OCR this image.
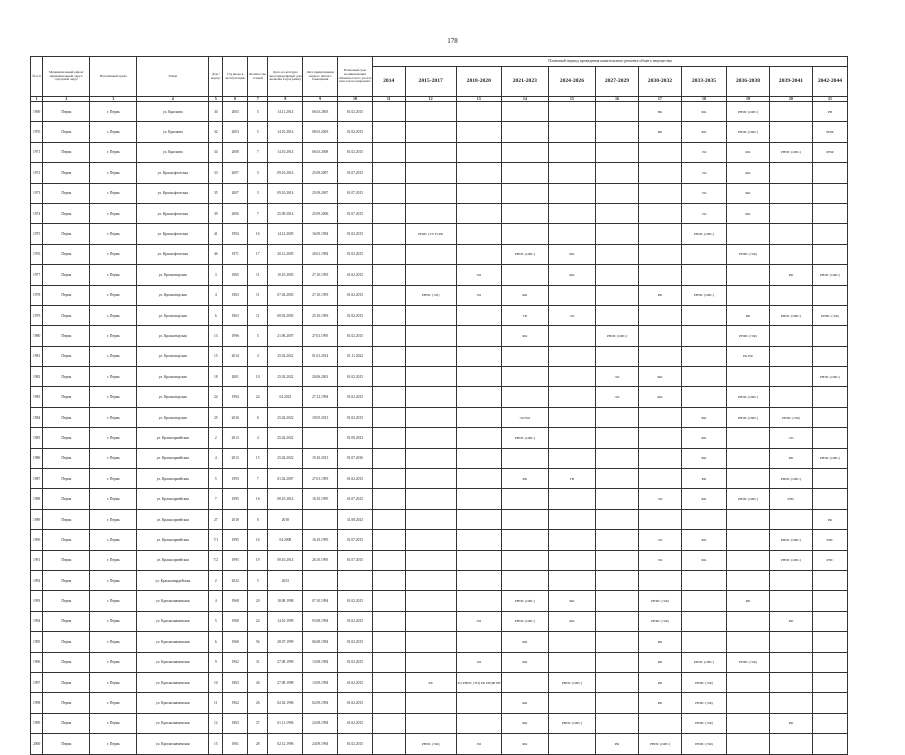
178
№ п/п	Муниципальный район/муниципальный округ/городской округ	Населённый пункт	Улица	Дом / корпус	Год ввода в эксплуатацию	Количество этажей	Дата, на которую многоквартирный дом включён в программу	Дата приватизации первого жилого помещения	Плановый срок возникновения обязанности по уплате взносов на капремонт	Плановый период проведения капитального ремонта общего имущества										
										2014	2015-2017	2018-2020	2021-2023	2024-2026	2027-2029	2030-2032	2033-2035	2036-2038	2039-2041	2042-2044
1	2	3	4	5	6	7	8	9	10	11	12	13	14	15	16	17	18	19	20	21
1969	Пермь	г. Пермь	ул. Краснова	30	2003	5	14.11.2014	06.03.2003	01.02.2015							ВК	ФК	РНИС (ОИС)		РВ
1970	Пермь	г. Пермь	ул. Краснова	32	2003	5	14.10.2014	08.03.2003	01.02.2015							ВК	ФК	РНИС (ОИС)		РНФ
1971	Пермь	г. Пермь	ул. Краснова	34	2008	7	14.10.2014	06.03.2008	01.02.2015								ЭО	ФК	РНИС (ОИС)	РНФ
1972	Пермь	г. Пермь	ул. Краснофлотская	33	2007	3	09.10.2014	25.09.2007	01.07.2015								ЭО	ФК		
1973	Пермь	г. Пермь	ул. Краснофлотская	35	2007	3	09.10.2014	25.09.2007	01.07.2015								ЭО	ФК		
1974	Пермь	г. Пермь	ул. Краснофлотская	39	2006	7	25.09.2014	25.09.2006	01.07.2015								ЭО	ФК		
1975	Пермь	г. Пермь	ул. Краснофлотская	41	1994	16	14.12.2005	16.09.1994	01.02.2015		РНИС (ТУЭ) РФ						РНИС (ОИС)			
1976	Пермь	г. Пермь	ул. Краснофлотская	46	1971	17	20.12.2005	20.01.1994	01.02.2015				РНИС (ОИС)	ФК				РНИС (ЭФ)		
1977	Пермь	г. Пермь	ул. Красноводская	3	1965	11	10.10.2003	27.10.1993	01.02.2015			ЭО		ФК					РФ	РНИС (ОИС)
1978	Пермь	г. Пермь	ул. Красноводская	4	1963	11	07.02.2003	27.10.1993	01.02.2015		РНИС (ЭО)	ЭО	ФК			РФ	РНИС (ОИС)			
1979	Пермь	г. Пермь	ул. Красноводская	6	1963	11	08.03.2003	25.10.1993	01.02.2015				ГВ	ЭО				РФ	РНИС (ОИС)	РНИС (ЭФ)
1980	Пермь	г. Пермь	ул. Красноводская	13	1996	5	21.06.2007	27.01.1995	01.02.2015				ФК		РНИС (ОИС)			РНИС (ЭФ)		
1981	Пермь	г. Пермь	ул. Красноводская	15	2014	4	25.02.2022	01.01.2014	01.11.2022									РК РФ		
1982	Пермь	г. Пермь	ул. Красноводская	18	2001	10	25.02.2022	20.06.2001	01.02.2015						ЭО	ФК				РНИС (ОИС)
1983	Пермь	г. Пермь	ул. Красноводская	24	1994	24	04.2023	27.12.1994	01.02.2015						ЭО	ФК		РНИС (ОИС)		
1984	Пермь	г. Пермь	ул. Красноводская	25	2016	6	25.02.2022	19.05.2013	01.02.2015				ЭО ВО				ФК	РНИС (ОИС)	РНИС (ЭФ)	
1985	Пермь	г. Пермь	ул. Красноармейская	2	2013	4	25.02.2022		01.09.2023				РНИС (ОИС)				ФК		ЭО	
1986	Пермь	г. Пермь	ул. Красноармейская	4	2013	15	25.02.2022	19.10.2013	01.07.2016								ФК		РФ	РНИС (ОИС)
1987	Пермь	г. Пермь	ул. Красноармейская	5	1993	7	01.02.2007	27.01.1993	01.02.2015				РФ	ГВ			РФ		РНИС (ОИС)	
1988	Пермь	г. Пермь	ул. Красноармейская	7	1995	16	08.10.2014	16.10.1995	01.07.2015							ЭО	ФК	РНИС (ОИС)	РНС	
1989	Пермь	г. Пермь	ул. Красноармейская	27	2018	8	2018		31.08.2023											РФ
1990	Пермь	г. Пермь	ул. Красноармейская	7/1	1995	16	04.2008	16.10.1995	01.07.2015							ЭО	ФК		РНИС (ОИС)	РНС
1991	Пермь	г. Пермь	ул. Красноармейская	7/2	1995	19	08.10.2014	26.10.1995	01.07.2015							ЭО	ФК		РНИС (ОИС)	РНС
1992	Пермь	г. Пермь	ул. Красногвардейская	2	2022	5	2023													
1993	Пермь	г. Пермь	ул. Краснознаменская	4	1968	20	18.08.1998	07.10.1994	01.02.2015				РНИС (ОИС)	ФК		РНИС (ЭФ)		РФ		
1994	Пермь	г. Пермь	ул. Краснознаменская	5	1968	24	14.10.1999	05.08.1994	01.02.2015			ЭО	РНИС (ОИС)	ФК		РНИС (ЭФ)			РФ	
1995	Пермь	г. Пермь	ул. Краснознаменская	6	1968	56	28.07.1999	06.08.1994	01.02.2015				ФК			РФ				
1996	Пермь	г. Пермь	ул. Краснознаменская	9	1962	31	27.08.1999	13.08.1994	01.02.2015			ЭО	ФК			РФ	РНИС (ОИС)	РНИС (ЭФ)		
1997	Пермь	г. Пермь	ул. Краснознаменская	10	1963	40	27.08.1998	13.09.1994	01.02.2015		РК	ЭО РНИС (ТП) РК РНДВ РН		РНИС (ОИС)		РФ	РНИС (ЭФ)			
1998	Пермь	г. Пермь	ул. Краснознаменская	11	1962	26	02.02.1996	02.09.1994	01.02.2015				ФК			РФ	РНИС (ЭФ)			
1999	Пермь	г. Пермь	ул. Краснознаменская	12	1963	37	01.11.1996	23.08.1994	01.02.2015				ФК	РНИС (ОИС)			РНИС (ЭФ)		РФ	
2000	Пермь	г. Пермь	ул. Краснознаменская	15	1961	28	02.12.1996	24.09.1994	01.02.2015		РНИС (ЭФ)	ЭО	ФК		РФ	РНИС (ОИС)	РНИС (ЭФ)			
